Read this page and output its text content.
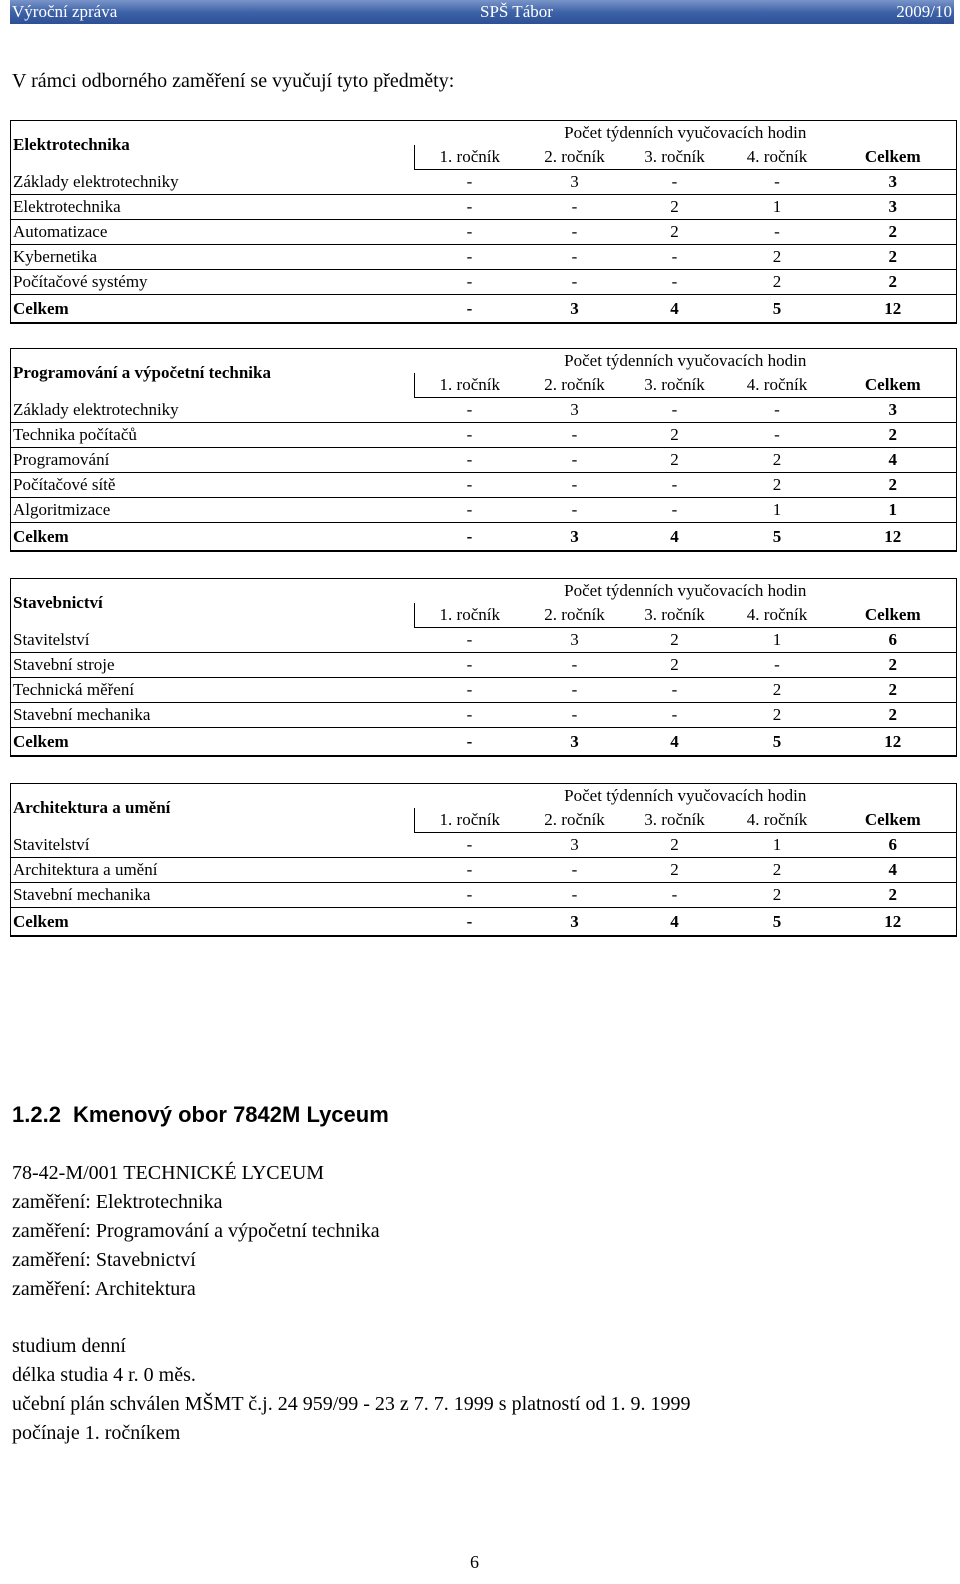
Výroční zpráva	SPŠ Tábor	2009/10
V rámci odborného zaměření se vyučují tyto předměty:
Elektrotechnika	Počet týdenních vyučovacích hodin				
	1. ročník	2. ročník	3. ročník	4. ročník	Celkem
Základy elektrotechniky	-	3	-	-	3
Elektrotechnika	-	-	2	1	3
Automatizace	-	-	2	-	2
Kybernetika	-	-	-	2	2
Počítačové systémy	-	-	-	2	2
Celkem	-	3	4	5	12
Programování a výpočetní technika	Počet týdenních vyučovacích hodin				
	1. ročník	2. ročník	3. ročník	4. ročník	Celkem
Základy elektrotechniky	-	3	-	-	3
Technika počítačů	-	-	2	-	2
Programování	-	-	2	2	4
Počítačové sítě	-	-	-	2	2
Algoritmizace	-	-	-	1	1
Celkem	-	3	4	5	12
Stavebnictví	Počet týdenních vyučovacích hodin				
	1. ročník	2. ročník	3. ročník	4. ročník	Celkem
Stavitelství	-	3	2	1	6
Stavební stroje	-	-	2	-	2
Technická měření	-	-	-	2	2
Stavební mechanika	-	-	-	2	2
Celkem	-	3	4	5	12
Architektura a umění	Počet týdenních vyučovacích hodin				
	1. ročník	2. ročník	3. ročník	4. ročník	Celkem
Stavitelství	-	3	2	1	6
Architektura a umění	-	-	2	2	4
Stavební mechanika	-	-	-	2	2
Celkem	-	3	4	5	12
1.2.2 Kmenový obor 7842M Lyceum
78-42-M/001 TECHNICKÉ LYCEUM
zaměření: Elektrotechnika
zaměření: Programování a výpočetní technika
zaměření: Stavebnictví
zaměření: Architektura
studium denní
délka studia 4 r. 0 měs.
učební plán schválen MŠMT č.j. 24 959/99 - 23 z 7. 7. 1999 s platností od 1. 9. 1999
počínaje 1. ročníkem
6
